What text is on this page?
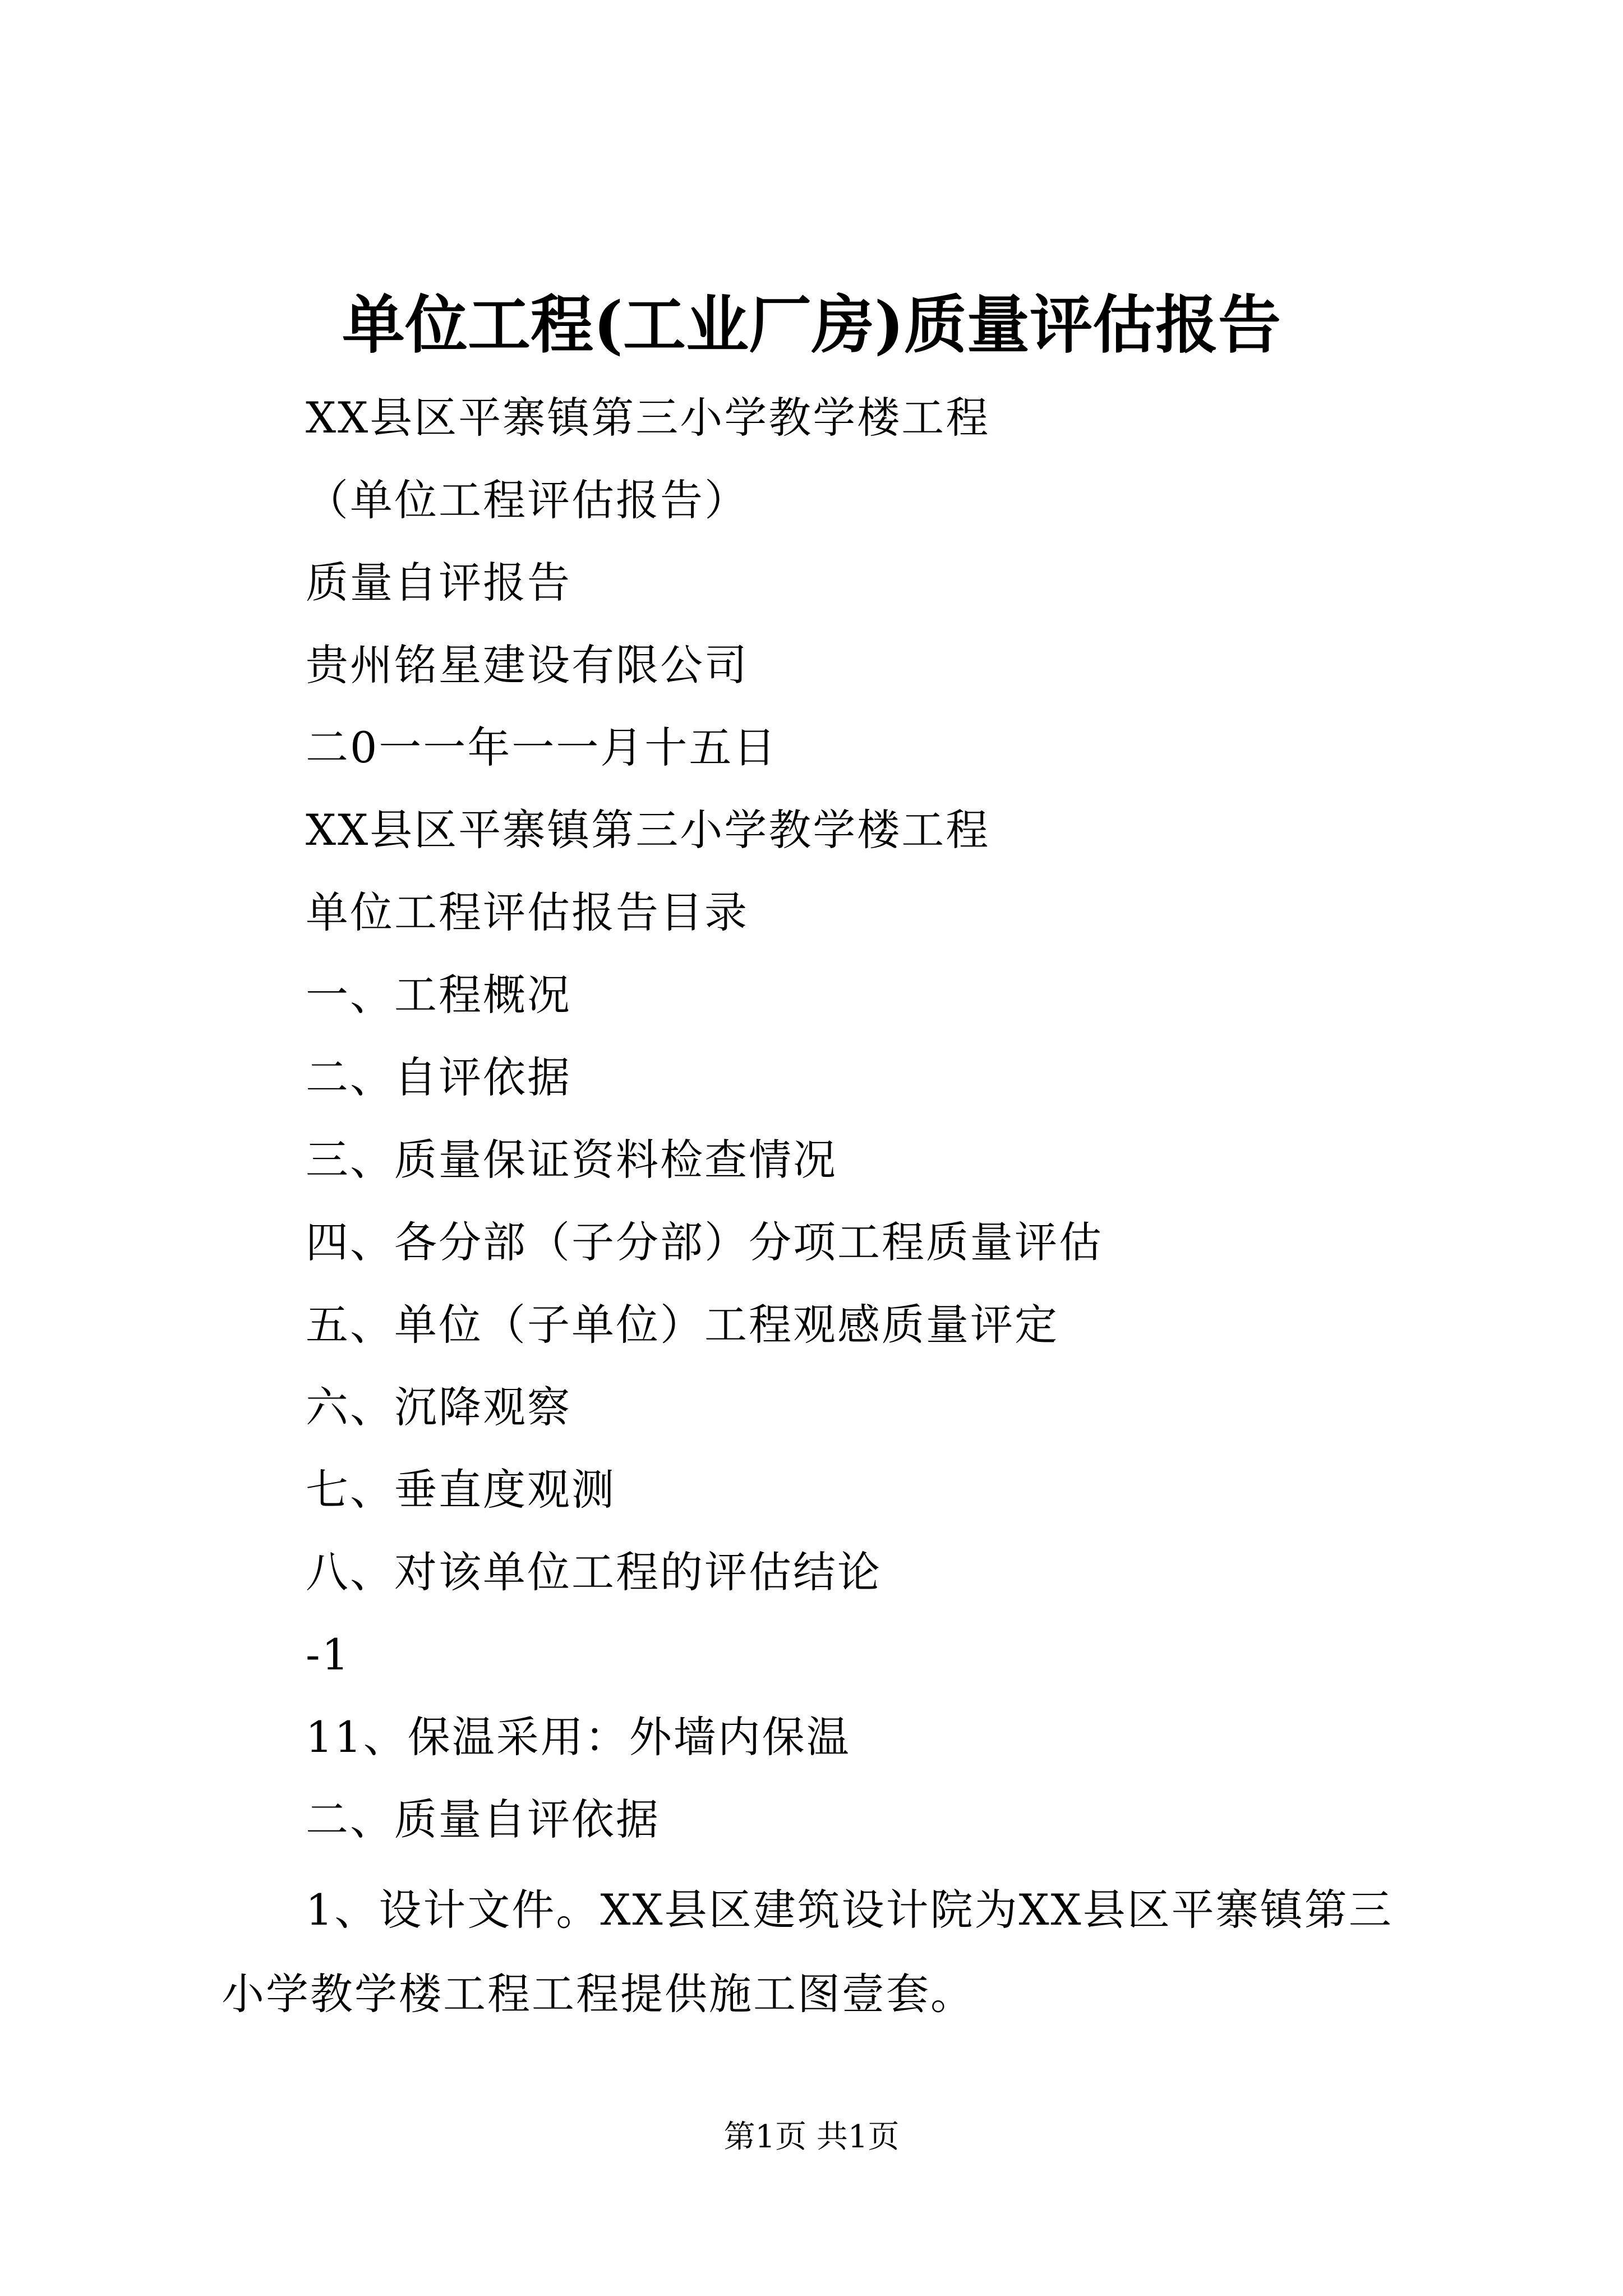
单位工程(工业厂房)质量评估报告
XX县区平寨镇第三小学教学楼工程
（单位工程评估报告）
质量自评报告
贵州铭星建设有限公司
二0一一年一一月十五日
XX县区平寨镇第三小学教学楼工程
单位工程评估报告目录
一、工程概况
二、自评依据
三、质量保证资料检查情况
四、各分部（子分部）分项工程质量评估
五、单位（子单位）工程观感质量评定
六、沉降观察
七、垂直度观测
八、对该单位工程的评估结论
-1
11、保温采用：外墙内保温
二、质量自评依据
1、设计文件。XX县区建筑设计院为XX县区平寨镇第三小学教学楼工程工程提供施工图壹套。
第1页 共1页
